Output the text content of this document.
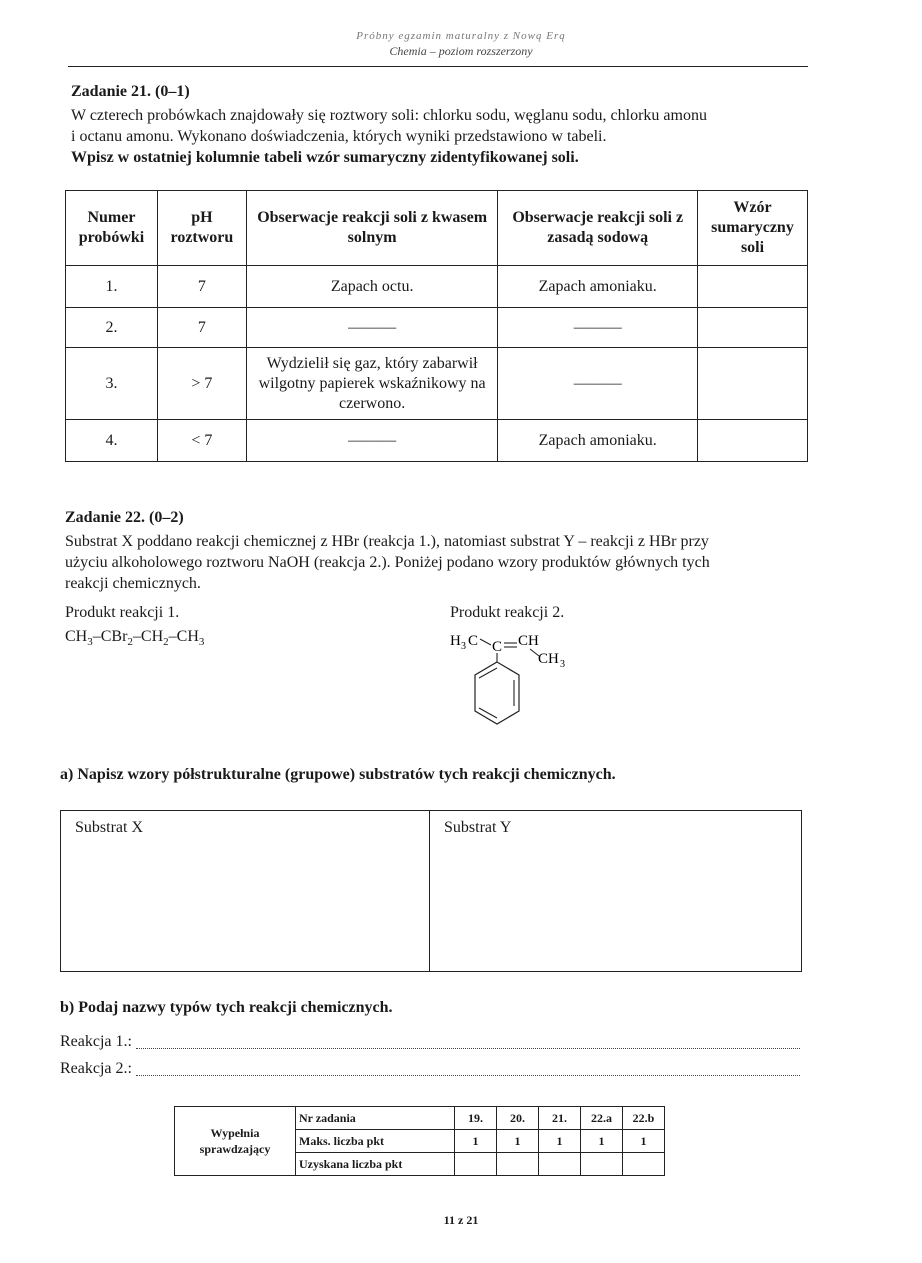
Próbny egzamin maturalny z Nową Erą
Chemia – poziom rozszerzony
Zadanie 21. (0–1)
W czterech probówkach znajdowały się roztwory soli: chlorku sodu, węglanu sodu, chlorku amonu
i octanu amonu. Wykonano doświadczenia, których wyniki przedstawiono w tabeli.
Wpisz w ostatniej kolumnie tabeli wzór sumaryczny zidentyfikowanej soli.
Numer probówki	pH roztworu	Obserwacje reakcji soli z kwasem solnym	Obserwacje reakcji soli z zasadą sodową	Wzór sumaryczny soli
1.	7	Zapach octu.	Zapach amoniaku.	
2.	7	———	———	
3.	> 7	Wydzielił się gaz, który zabarwił wilgotny papierek wskaźnikowy na czerwono.	———	
4.	< 7	———	Zapach amoniaku.	
Zadanie 22. (0–2)
Substrat X poddano reakcji chemicznej z HBr (reakcja 1.), natomiast substrat Y – reakcji z HBr przy
użyciu alkoholowego roztworu NaOH (reakcja 2.). Poniżej podano wzory produktów głównych tych
reakcji chemicznych.
Produkt reakcji 1.	Produkt reakcji 2.
$CH_3-CBr_2-CH_2-CH_3$	H 3 C C CH
CH 3
a) Napisz wzory półstrukturalne (grupowe) substratów tych reakcji chemicznych.
Substrat X	Substrat Y
b) Podaj nazwy typów tych reakcji chemicznych.
Reakcja 1.:
Reakcja 2.:
Wypełnia sprawdzający	Nr zadania	19.	20.	21.	22.a	22.b
	Maks. liczba pkt	1	1	1	1	1
	Uzyskana liczba pkt					
11 z 21
